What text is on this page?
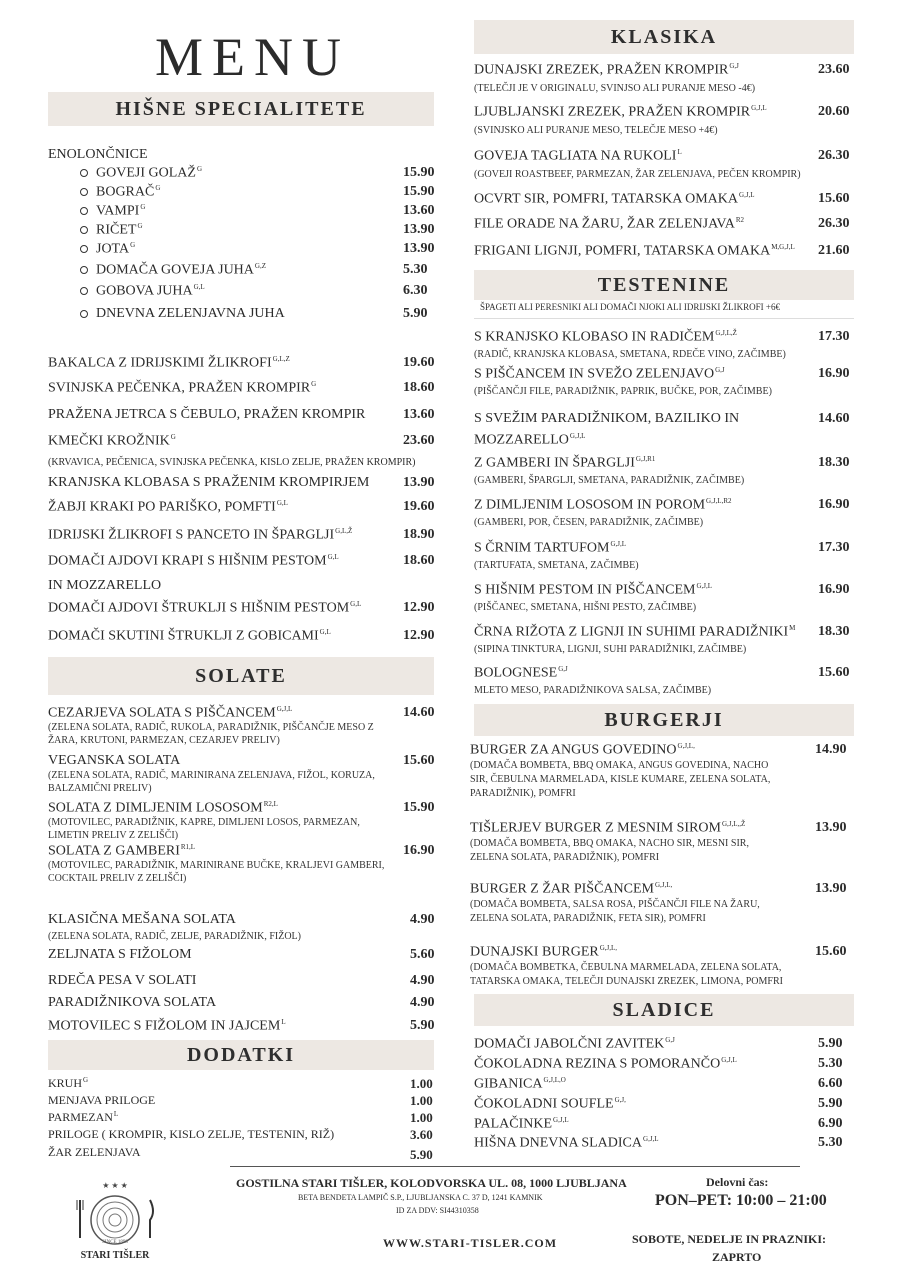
MENU
HIŠNE SPECIALITETE
ENOLONČNICE
GOVEJI $GOLAŽ^G$	15.90
$BOGRAČ^G$	15.90
$VAMPI^G$	13.60
$RIČET^G$	13.90
$JOTA^G$	13.90
DOMAČA GOVEJA $JUHA^{G,Z}$	5.30
GOBOVA $JUHA^{G,L}$	6.30
DNEVNA ZELENJAVNA JUHA	5.90
BAKALCA Z IDRIJSKIMI $ŽLIKROFI^{G,L,Z}$	19.60
SVINJSKA PEČENKA, PRAŽEN $KROMPIR^G$	18.60
PRAŽENA JETRCA S ČEBULO, PRAŽEN KROMPIR	13.60
KMEČKI $KROŽNIK^G$	23.60
(KRVAVICA, PEČENICA, SVINJSKA PEČENKA, KISLO ZELJE, PRAŽEN KROMPIR)
KRANJSKA KLOBASA S PRAŽENIM KROMPIRJEM 13.90
ŽABJI KRAKI PO PARIŠKO, $POMFTI^{G,L}$	19.60
IDRIJSKI ŽLIKROFI S PANCETO IN $ŠPARGLJI^{G,L,Ž}$	18.90
DOMAČI AJDOVI KRAPI S HIŠNIM $PESTOM^{G,L}$	18.60
IN MOZZARELLO
DOMAČI AJDOVI ŠTRUKLJI S HIŠNIM $PESTOM^{G,L}$	12.90
DOMAČI SKUTINI ŠTRUKLJI Z $GOBICAMI^{G,L}$	12.90
SOLATE
CEZARJEVA SOLATA S $PIŠČANCEM^{G,J,L}$	14.60
(ZELENA SOLATA, RADIČ, RUKOLA, PARADIŽNIK, PIŠČANČJE MESO Z
ŽARA, KRUTONI, PARMEZAN, CEZARJEV PRELIV)
VEGANSKA SOLATA	15.60
(ZELENA SOLATA, RADIČ, MARINIRANA ZELENJAVA, FIŽOL, KORUZA,
BALZAMIČNI PRELIV)
SOLATA Z DIMLJENIM $LOSOSOM^{R2,L}$	15.90
(MOTOVILEC, PARADIŽNIK, KAPRE, DIMLJENI LOSOS, PARMEZAN,
LIMETIN PRELIV Z ZELIŠČI)
SOLATA Z $GAMBERI^{R1,L}$	16.90
(MOTOVILEC, PARADIŽNIK, MARINIRANE BUČKE, KRALJEVI GAMBERI,
COCKTAIL PRELIV Z ZELIŠČI)
KLASIČNA MEŠANA SOLATA	4.90
(ZELENA SOLATA, RADIČ, ZELJE, PARADIŽNIK, FIŽOL)
ZELJNATA S FIŽOLOM	5.60
RDEČA PESA V SOLATI	4.90
PARADIŽNIKOVA SOLATA	4.90
MOTOVILEC S FIŽOLOM IN $JAJCEM^L$	5.90
DODATKI
$KRUH^G$	1.00
MENJAVA PRILOGE	1.00
$PARMEZAN^L$	1.00
PRILOGE ( KROMPIR, KISLO ZELJE, TESTENIN, RIŽ)	3.60
ŽAR ZELENJAVA	5.90
KLASIKA
DUNAJSKI ZREZEK, PRAŽEN $KROMPIR^{G,J}$	23.60
(TELEČJI JE V ORIGINALU, SVINJSO ALI PURANJE MESO -4€)
LJUBLJANSKI ZREZEK, PRAŽEN $KROMPIR^{G,J,L}$	20.60
(SVINJSKO ALI PURANJE MESO, TELEČJE MESO +4€)
GOVEJA TAGLIATA NA $RUKOLI^L$	26.30
(GOVEJI ROASTBEEF, PARMEZAN, ŽAR ZELENJAVA, PEČEN KROMPIR)
OCVRT SIR, POMFRI, TATARSKA $OMAKA^{G,J,L}$	15.60
FILE ORADE NA ŽARU, ŽAR $ZELENJAVA^{R2}$	26.30
FRIGANI LIGNJI, POMFRI, TATARSKA $OMAKA^{M,G,J,L}$ 21.60
TESTENINE
ŠPAGETI ALI PERESNIKI ALI DOMAČI NJOKI ALI IDRIJSKI ŽLIKROFI +6€
S KRANJSKO KLOBASO IN $RADIČEM^{G,J,L,Ž}$	17.30
(RADIČ, KRANJSKA KLOBASA, SMETANA, RDEČE VINO, ZAČIMBE)
S PIŠČANCEM IN SVEŽO $ZELENJAVO^{G,J}$	16.90
(PIŠČANČJI FILE, PARADIŽNIK, PAPRIK, BUČKE, POR, ZAČIMBE)
S SVEŽIM PARADIŽNIKOM, BAZILIKO IN	14.60
$MOZZARELLO^{G,J,L}$
Z GAMBERI IN $ŠPARGLJI^{G,J,R1}$	18.30
(GAMBERI, ŠPARGLJI, SMETANA, PARADIŽNIK, ZAČIMBE)
Z DIMLJENIM LOSOSOM IN $POROM^{G,J,L,R2}$	16.90
(GAMBERI, POR, ČESEN, PARADIŽNIK, ZAČIMBE)
S ČRNIM $TARTUFOM^{G,J,L}$	17.30
(TARTUFATA, SMETANA, ZAČIMBE)
S HIŠNIM PESTOM IN $PIŠČANCEM^{G,J,L}$	16.90
(PIŠČANEC, SMETANA, HIŠNI PESTO, ZAČIMBE)
ČRNA RIŽOTA Z LIGNJI IN SUHIMI $PARADIŽNIKI^M$ 18.30
(SIPINA TINKTURA, LIGNJI, SUHI PARADIŽNIKI, ZAČIMBE)
$BOLOGNESE^{G,J}$	15.60
MLETO MESO, PARADIŽNIKOVA SALSA, ZAČIMBE)
BURGERJI
BURGER ZA ANGUS $GOVEDINO^{G,J,L,}$	14.90
(DOMAČA BOMBETA, BBQ OMAKA, ANGUS GOVEDINA, NACHO
SIR, ČEBULNA MARMELADA, KISLE KUMARE, ZELENA SOLATA,
PARADIŽNIK), POMFRI
TIŠLERJEV BURGER Z MESNIM $SIROM^{G,J,L,,Ž}$	13.90
(DOMAČA BOMBETA, BBQ OMAKA, NACHO SIR, MESNI SIR,
ZELENA SOLATA, PARADIŽNIK), POMFRI
BURGER Z ŽAR $PIŠČANCEM^{G,J,L,}$	13.90
(DOMAČA BOMBETA, SALSA ROSA, PIŠČANČJI FILE NA ŽARU,
ZELENA SOLATA, PARADIŽNIK, FETA SIR), POMFRI
DUNAJSKI $BURGER^{G,J,L,}$	15.60
(DOMAČA BOMBETKA, ČEBULNA MARMELADA, ZELENA SOLATA,
TATARSKA OMAKA, TELEČJI DUNAJSKI ZREZEK, LIMONA, POMFRI
SLADICE
DOMAČI JABOLČNI $ZAVITEK^{G,J}$	5.90
ČOKOLADNA REZINA S $POMORANČO^{G,J,L}$	5.30
$GIBANICA^{G,J,L,O}$	6.60
ČOKOLADNI $SOUFLE^{G,J,}$	5.90
$PALAČINKE^{G,J,L}$	6.90
HIŠNA DNEVNA $SLADICA^{G,J,L}$	5.30
★ ★ ★
SINCE 1898
STARI TIŠLER
GOSTILNA STARI TIŠLER, KOLODVORSKA UL. 08, 1000 LJUBLJANA
BETA BENDETA LAMPIČ S.P., LJUBLJANSKA C. 37 D, 1241 KAMNIK
ID ZA DDV: SI44310358
WWW.STARI-TISLER.COM
Delovni čas:
PON–PET: 10:00 – 21:00
SOBOTE, NEDELJE IN PRAZNIKI:
ZAPRTO
